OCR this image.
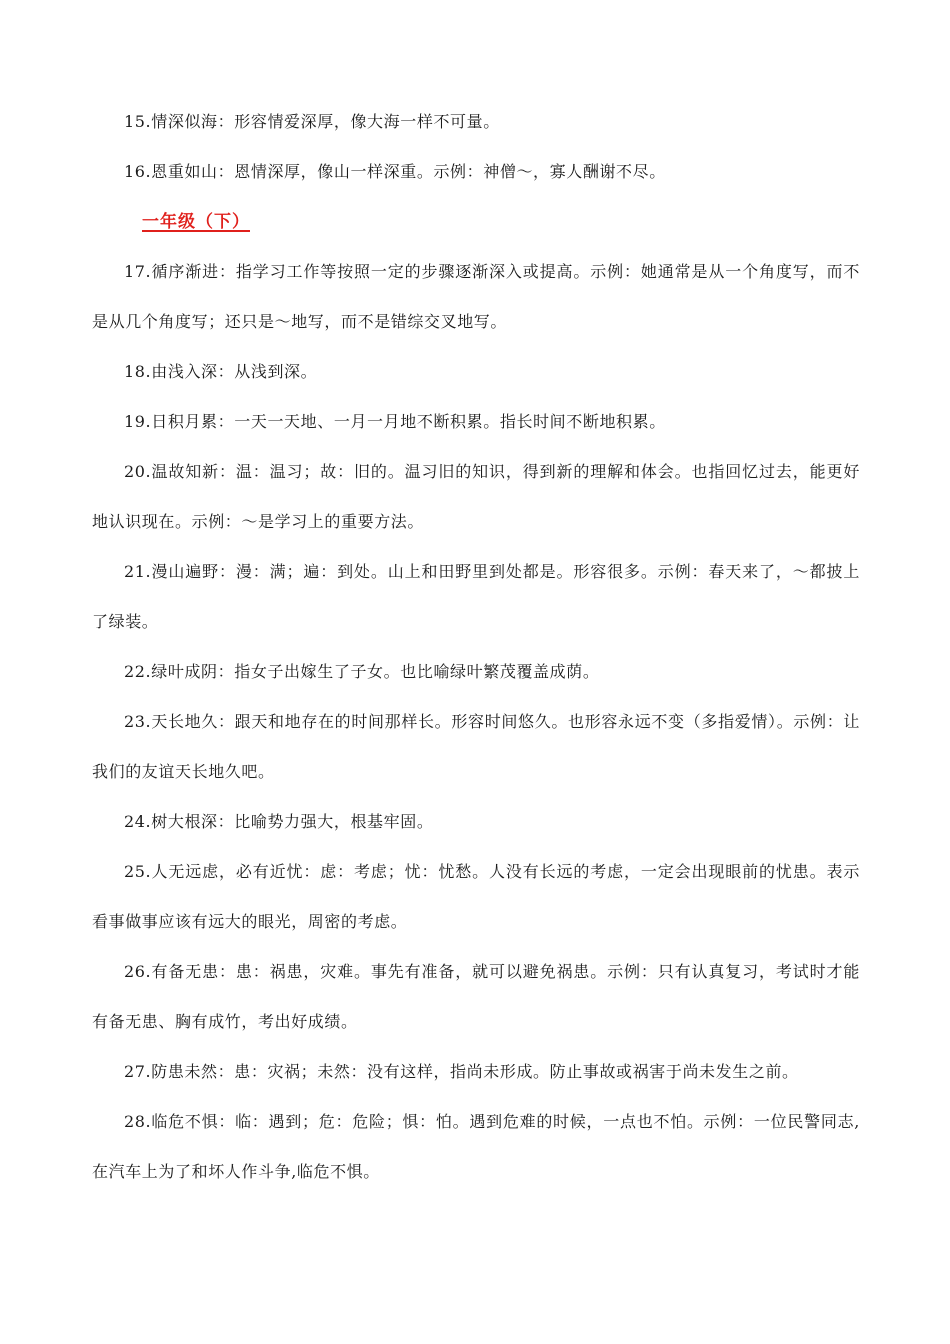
15.情深似海：形容情爱深厚，像大海一样不可量。

16.恩重如山：恩情深厚，像山一样深重。示例：神僧～，寡人酬谢不尽。

一年级（下）

17.循序渐进：指学习工作等按照一定的步骤逐渐深入或提高。示例：她通常是从一个角度写，而不是从几个角度写；还只是～地写，而不是错综交叉地写。

18.由浅入深：从浅到深。

19.日积月累：一天一天地、一月一月地不断积累。指长时间不断地积累。

20.温故知新：温：温习；故：旧的。温习旧的知识，得到新的理解和体会。也指回忆过去，能更好地认识现在。示例：～是学习上的重要方法。

21.漫山遍野：漫：满；遍：到处。山上和田野里到处都是。形容很多。示例：春天来了，～都披上了绿装。

22.绿叶成阴：指女子出嫁生了子女。也比喻绿叶繁茂覆盖成荫。

23.天长地久：跟天和地存在的时间那样长。形容时间悠久。也形容永远不变（多指爱情）。示例：让我们的友谊天长地久吧。

24.树大根深：比喻势力强大，根基牢固。

25.人无远虑，必有近忧：虑：考虑；忧：忧愁。人没有长远的考虑，一定会出现眼前的忧患。表示看事做事应该有远大的眼光，周密的考虑。

26.有备无患：患：祸患，灾难。事先有准备，就可以避免祸患。示例：只有认真复习，考试时才能有备无患、胸有成竹，考出好成绩。

27.防患未然：患：灾祸；未然：没有这样，指尚未形成。防止事故或祸害于尚未发生之前。

28.临危不惧：临：遇到；危：危险；惧：怕。遇到危难的时候，一点也不怕。示例：一位民警同志,在汽车上为了和坏人作斗争,临危不惧。
